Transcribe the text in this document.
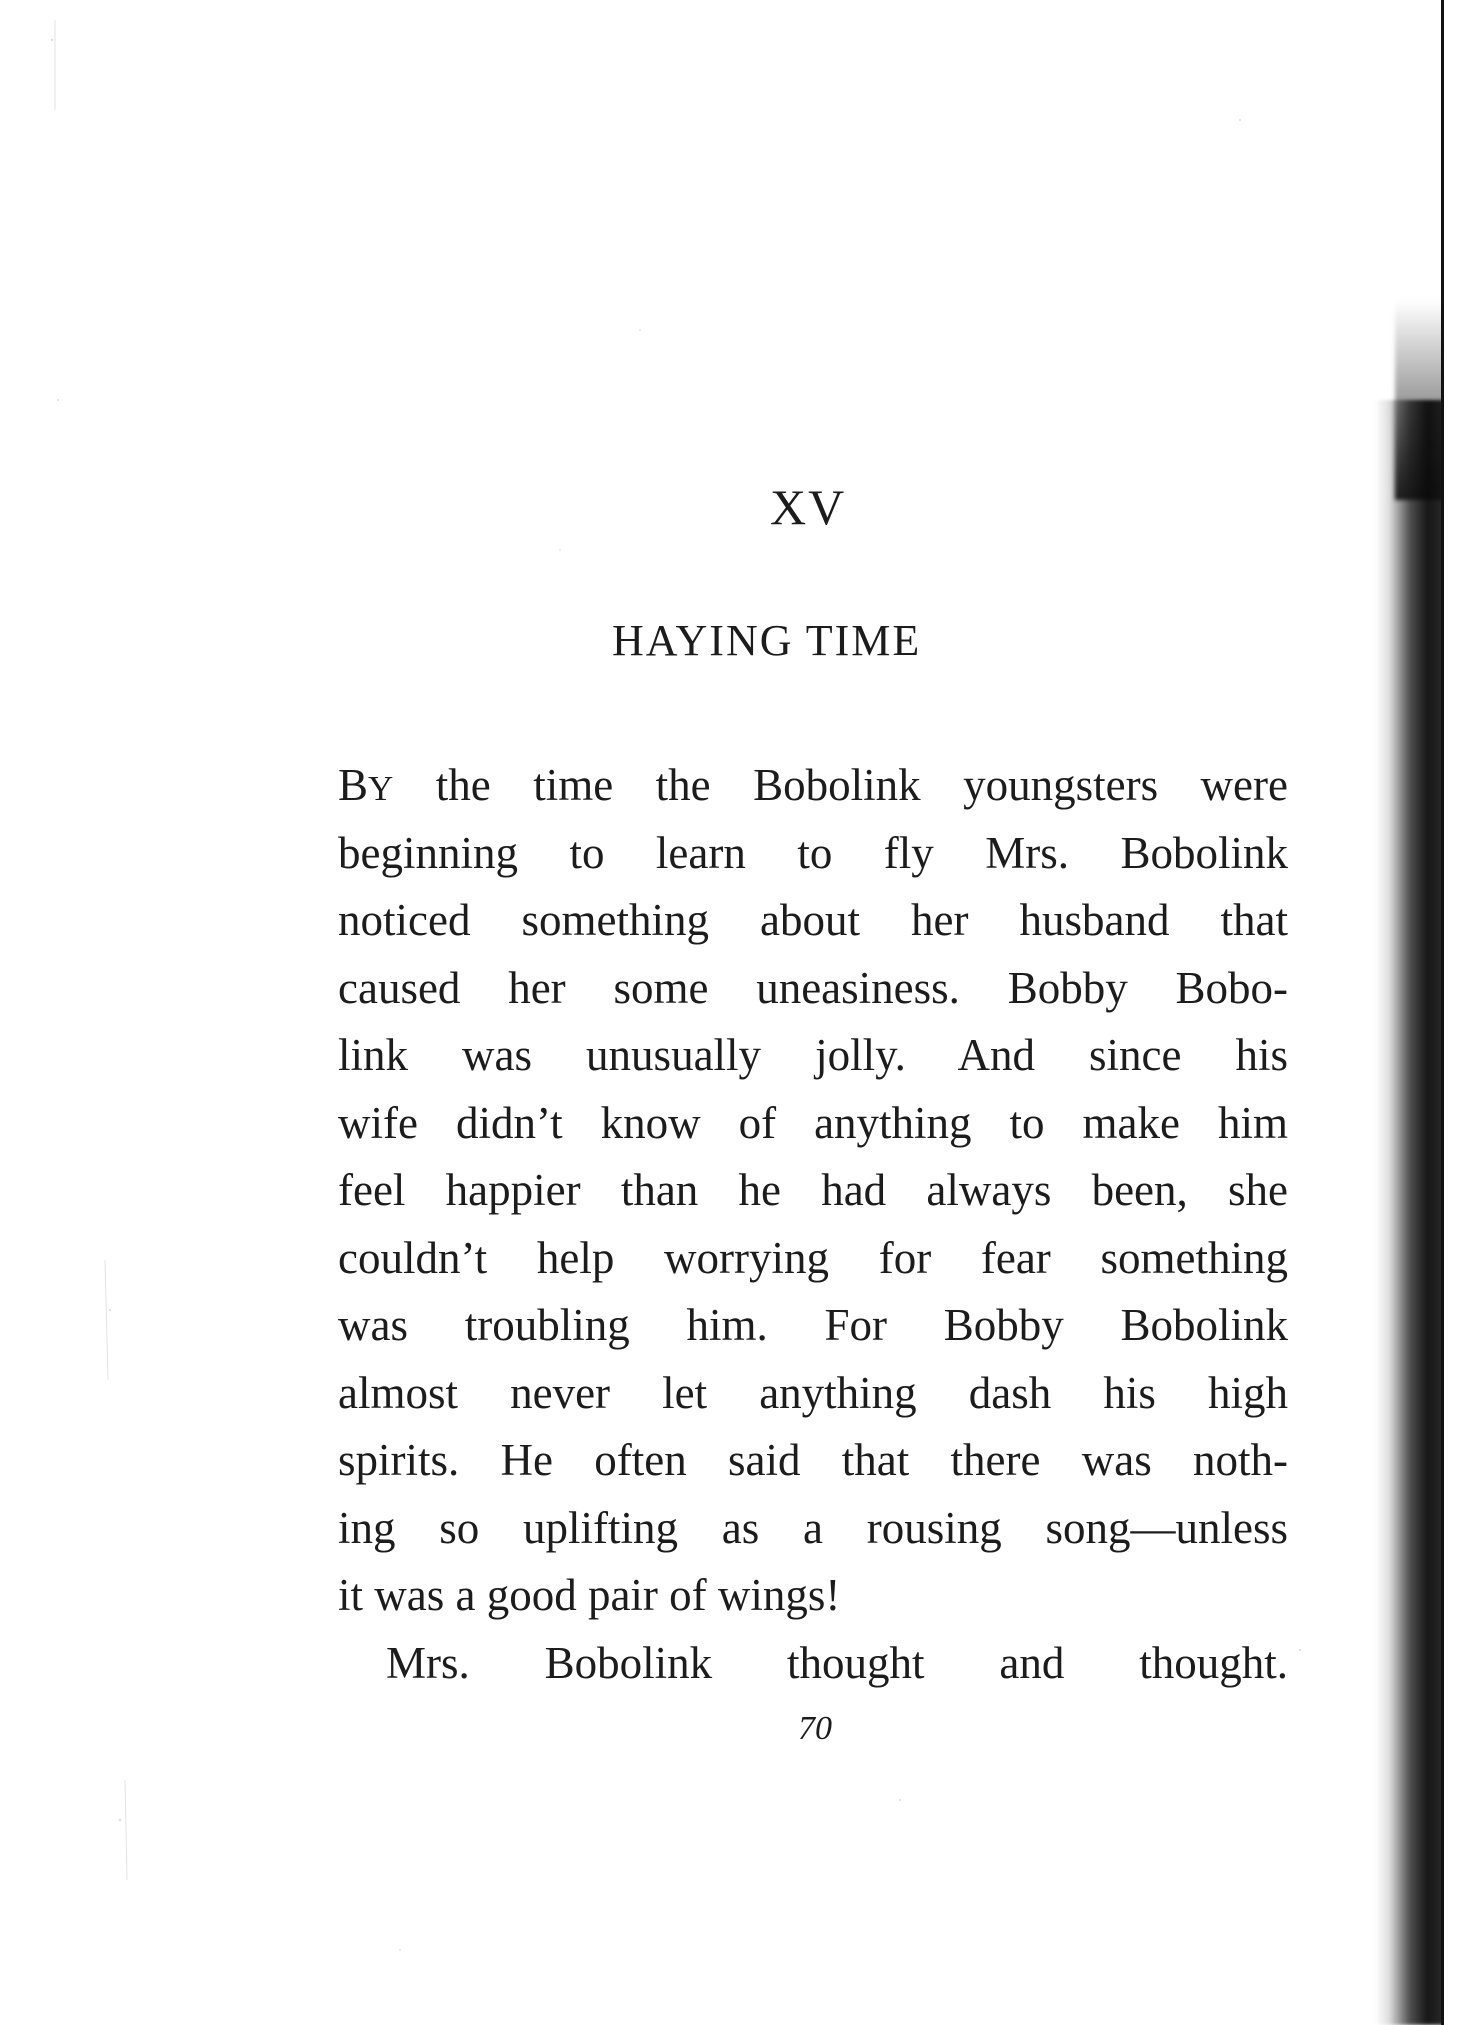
XV
HAYING TIME
BY the time the Bobolink youngsters were
beginning to learn to fly Mrs. Bobolink
noticed something about her husband that
caused her some uneasiness. Bobby Bobo-
link was unusually jolly. And since his
wife didn’t know of anything to make him
feel happier than he had always been, she
couldn’t help worrying for fear something
was troubling him. For Bobby Bobolink
almost never let anything dash his high
spirits. He often said that there was noth-
ing so uplifting as a rousing song—unless
it was a good pair of wings!
Mrs. Bobolink thought and thought.

70
